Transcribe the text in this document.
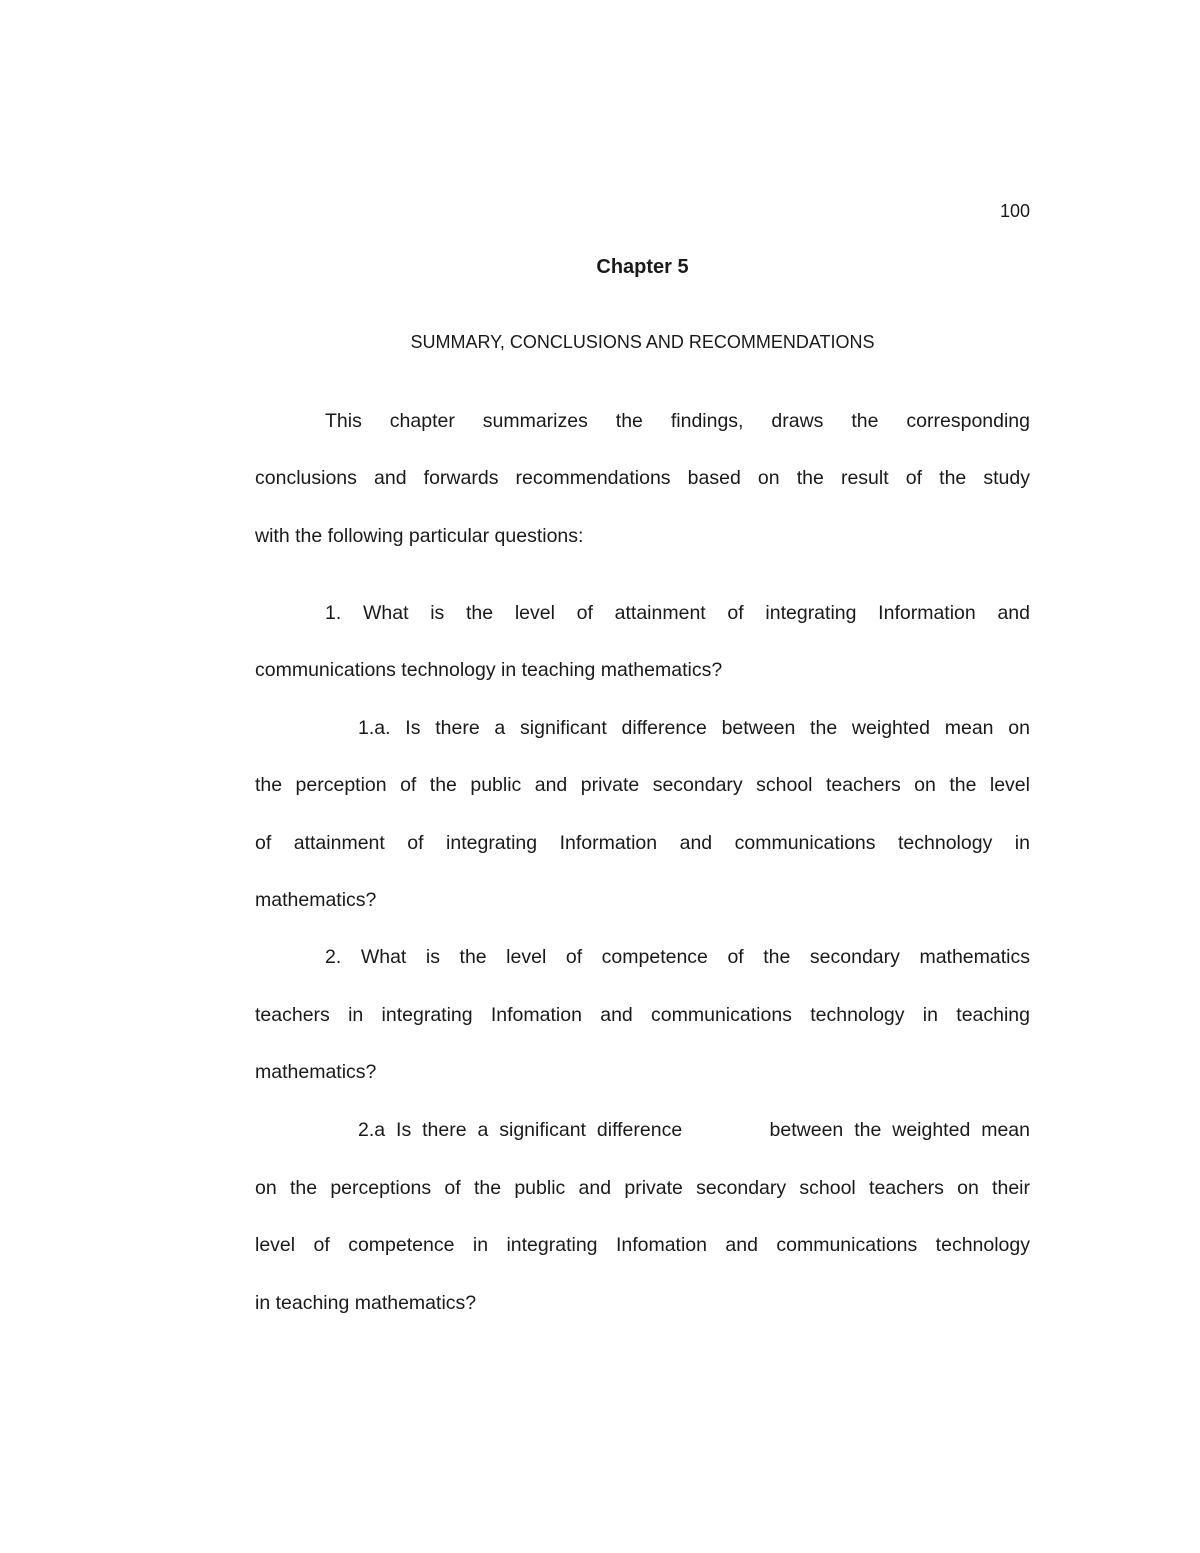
100
Chapter 5
SUMMARY, CONCLUSIONS AND RECOMMENDATIONS
This chapter summarizes the findings, draws the corresponding
conclusions and forwards recommendations based on the result of the study
with the following particular questions:
1. What is the level of attainment of integrating Information and
communications technology in teaching mathematics?
1.a. Is there a significant difference between the weighted mean on
the perception of the public and private secondary school teachers on the level
of attainment of integrating Information and communications technology in
mathematics?
2. What is the level of competence of the secondary mathematics
teachers in integrating Infomation and communications technology in teaching
mathematics?
2.a Is there a significant difference        between the weighted mean
on the perceptions of the public and private secondary school teachers on their
level of competence in integrating Infomation and communications technology
in teaching mathematics?
